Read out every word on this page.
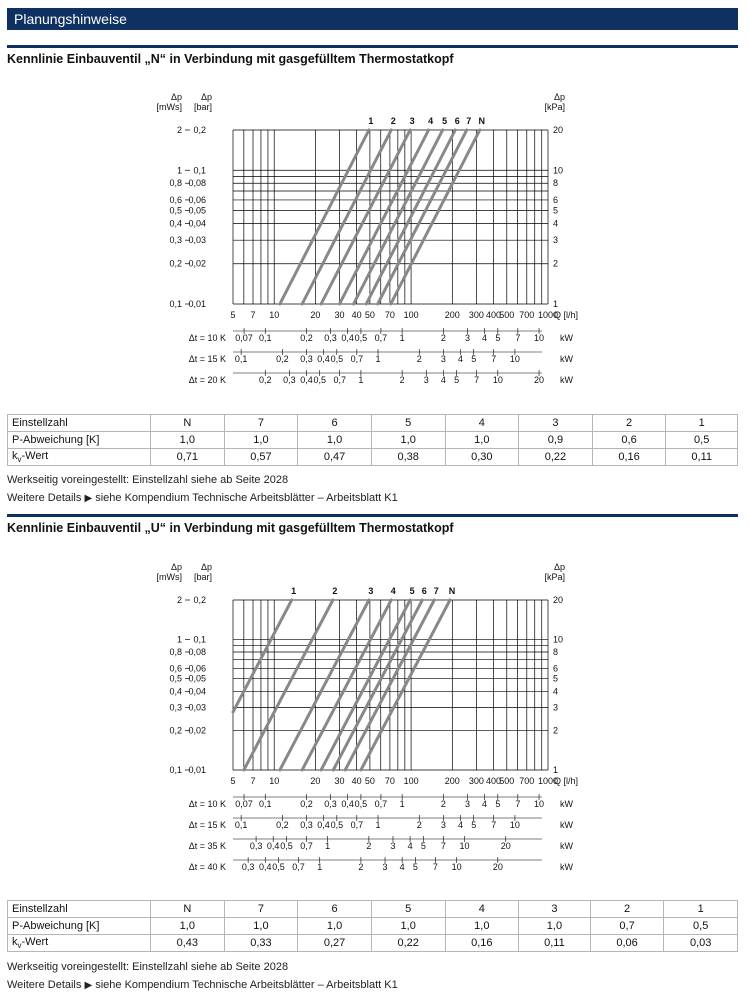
Planungshinweise
Kennlinie Einbauventil „N“ in Verbindung mit gasgefülltem Thermostatkopf
1 2 3 4 5 6 7 N
Δp
[mWs]
2
1
0,8
0,6
0,5
0,4
0,3
0,2
0,1
Δp
[bar]
0,2
0,1
0,08
0,06
0,05
0,04
0,03
0,02
0,01
Δp
[kPa]
20
10
8
6
5
4
3
2
1
5 7 10	20 30 40 50 70 100	200 300 400
500 700 1000
Q [l/h]
Δt = 10 K 0,07 0,1	0,2 0,3 0,4 0,5 0,7 1	2 3 4 5 7 10 kW
Δt = 15 K 0,1	0,2 0,3 0,4 0,5 0,7 1	2 3 4 5 7 10	kW
Δt = 20 K	0,2 0,3 0,4 0,5 0,7 1	2 3 4 5 7 10	20 kW
Einstellzahl	N	7	6	5	4	3	2	1
P-Abweichung [K]	1,0	1,0	1,0	1,0	1,0	0,9	0,6	0,5
$k_v$-Wert	0,71	0,57	0,47	0,38	0,30	0,22	0,16	0,11
Werkseitig voreingestellt: Einstellzahl siehe ab Seite 2028
Weitere Details ▶ siehe Kompendium Technische Arbeitsblätter – Arbeitsblatt K1
Kennlinie Einbauventil „U“ in Verbindung mit gasgefülltem Thermostatkopf
1	2	3 4 5 6 7 N
Δp
[mWs]
2
1
0,8
0,6
0,5
0,4
0,3
0,2
0,1
Δp
[bar]
0,2
0,1
0,08
0,06
0,05
0,04
0,03
0,02
0,01
Δp
[kPa]
20
10
8
6
5
4
3
2
1
5 7 10	20 30 40 50 70 100	200 300 400
500 700 1000
Q [l/h]
Δt = 10 K 0,07 0,1	0,2 0,3 0,4 0,5 0,7 1	2 3 4 5 7 10 kW
Δt = 15 K 0,1	0,2 0,3 0,4 0,5 0,7 1	2 3 4 5 7 10	kW
Δt = 35 K	0,3 0,4 0,5 0,7 1	2 3 4 5 7 10	20	kW
Δt = 40 K 0,3 0,4 0,5 0,7 1	2 3 4 5 7 10	20	kW
Einstellzahl	N	7	6	5	4	3	2	1
P-Abweichung [K]	1,0	1,0	1,0	1,0	1,0	1,0	0,7	0,5
$k_v$-Wert	0,43	0,33	0,27	0,22	0,16	0,11	0,06	0,03
Werkseitig voreingestellt: Einstellzahl siehe ab Seite 2028
Weitere Details ▶ siehe Kompendium Technische Arbeitsblätter – Arbeitsblatt K1
